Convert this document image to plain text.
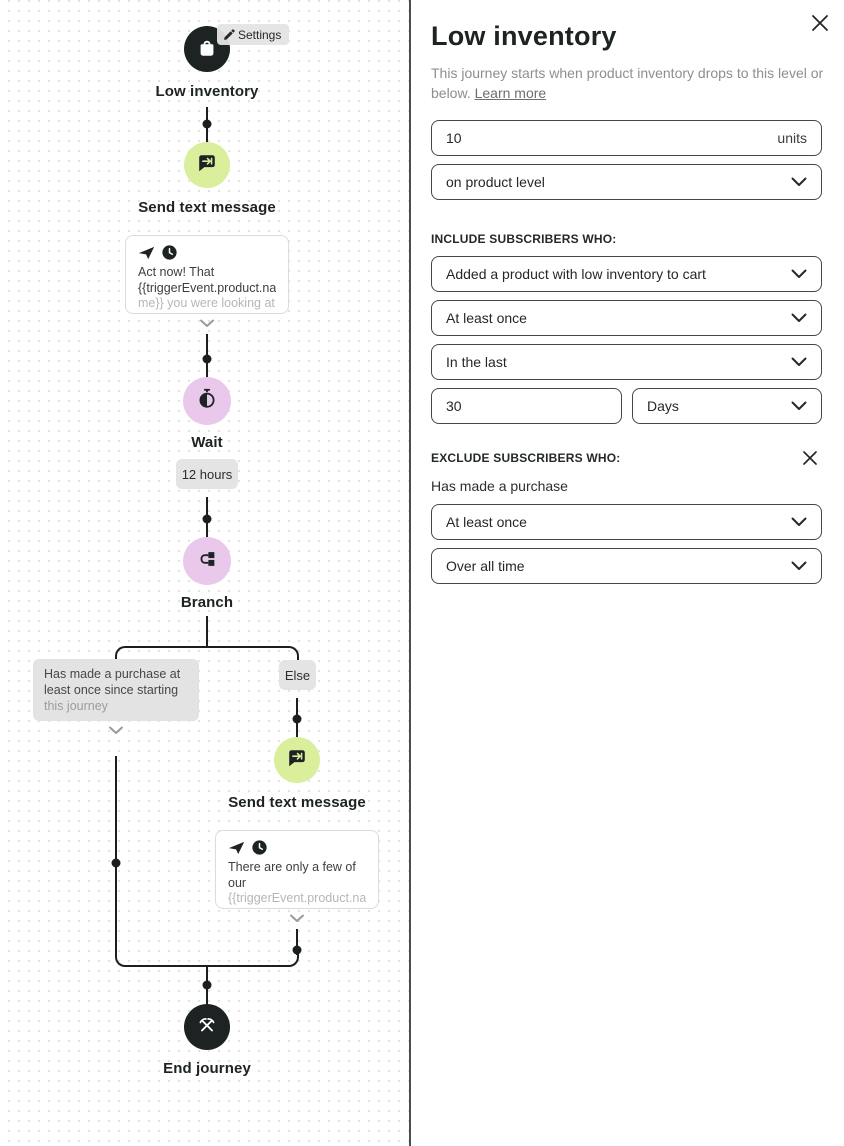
Settings
Low inventory
Send text message
Act now! That
{{triggerEvent.product.na
me}} you were looking at
Wait
12 hours
Branch
Has made a purchase at
least once since starting
this journey
Else
Send text message
There are only a few of
our
{{triggerEvent.product.na
End journey
Low inventory

This journey starts when product inventory drops to this level or below. Learn more

10
units
on product level
INCLUDE SUBSCRIBERS WHO:
Added a product with low inventory to cart
At least once
In the last
30
Days
EXCLUDE SUBSCRIBERS WHO:
Has made a purchase
At least once
Over all time
